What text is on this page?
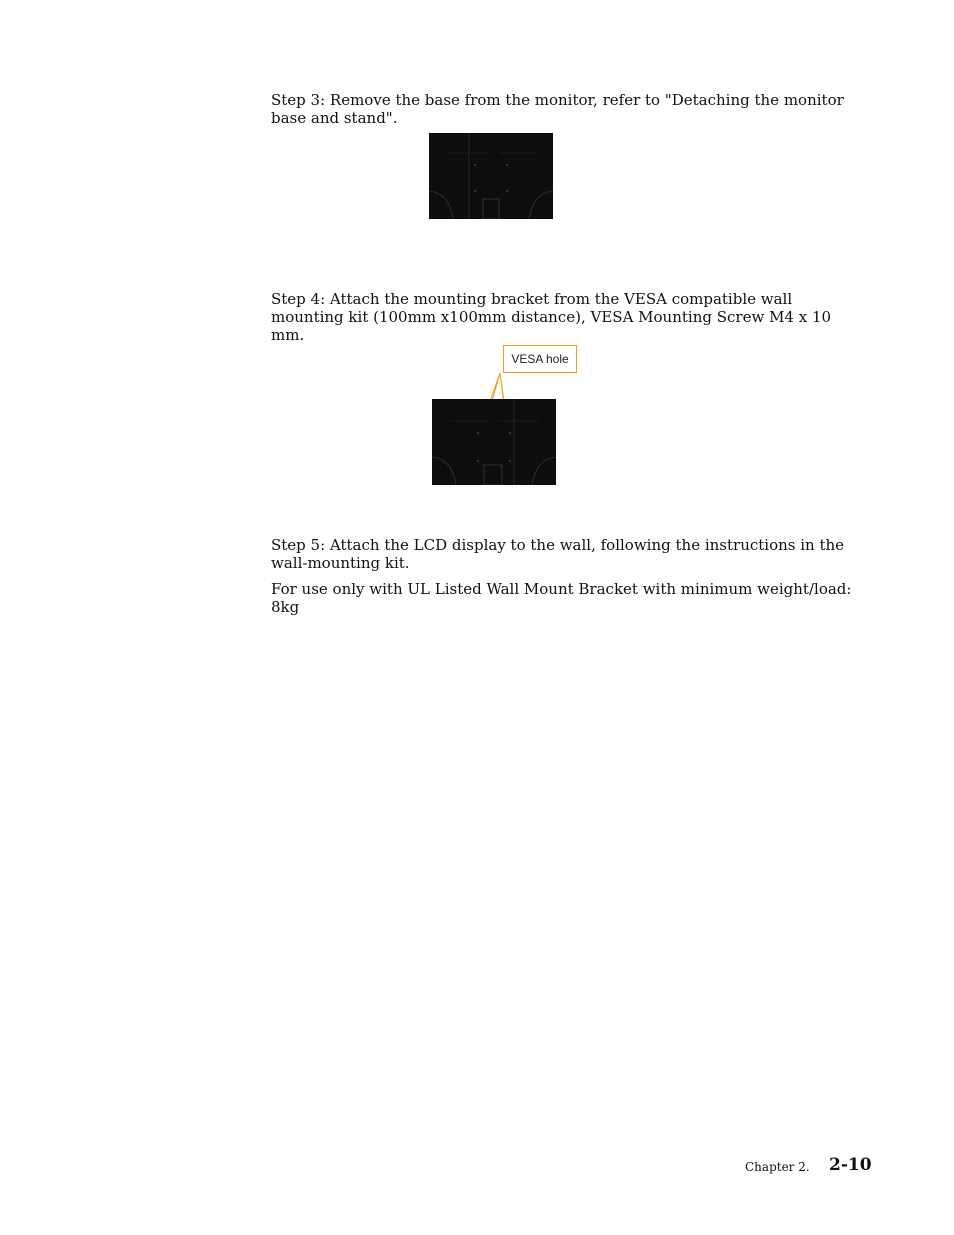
Step 3: Remove the base from the monitor, refer to "Detaching the monitor base and stand".

Step 4: Attach the mounting bracket from the VESA compatible wall mounting kit (100mm x100mm distance), VESA Mounting Screw M4 x 10 mm.

VESA hole

Step 5: Attach the LCD display to the wall, following the instructions in the wall-mounting kit.

For use only with UL Listed Wall Mount Bracket with minimum weight/load: 8kg

Chapter 2. 2-10
